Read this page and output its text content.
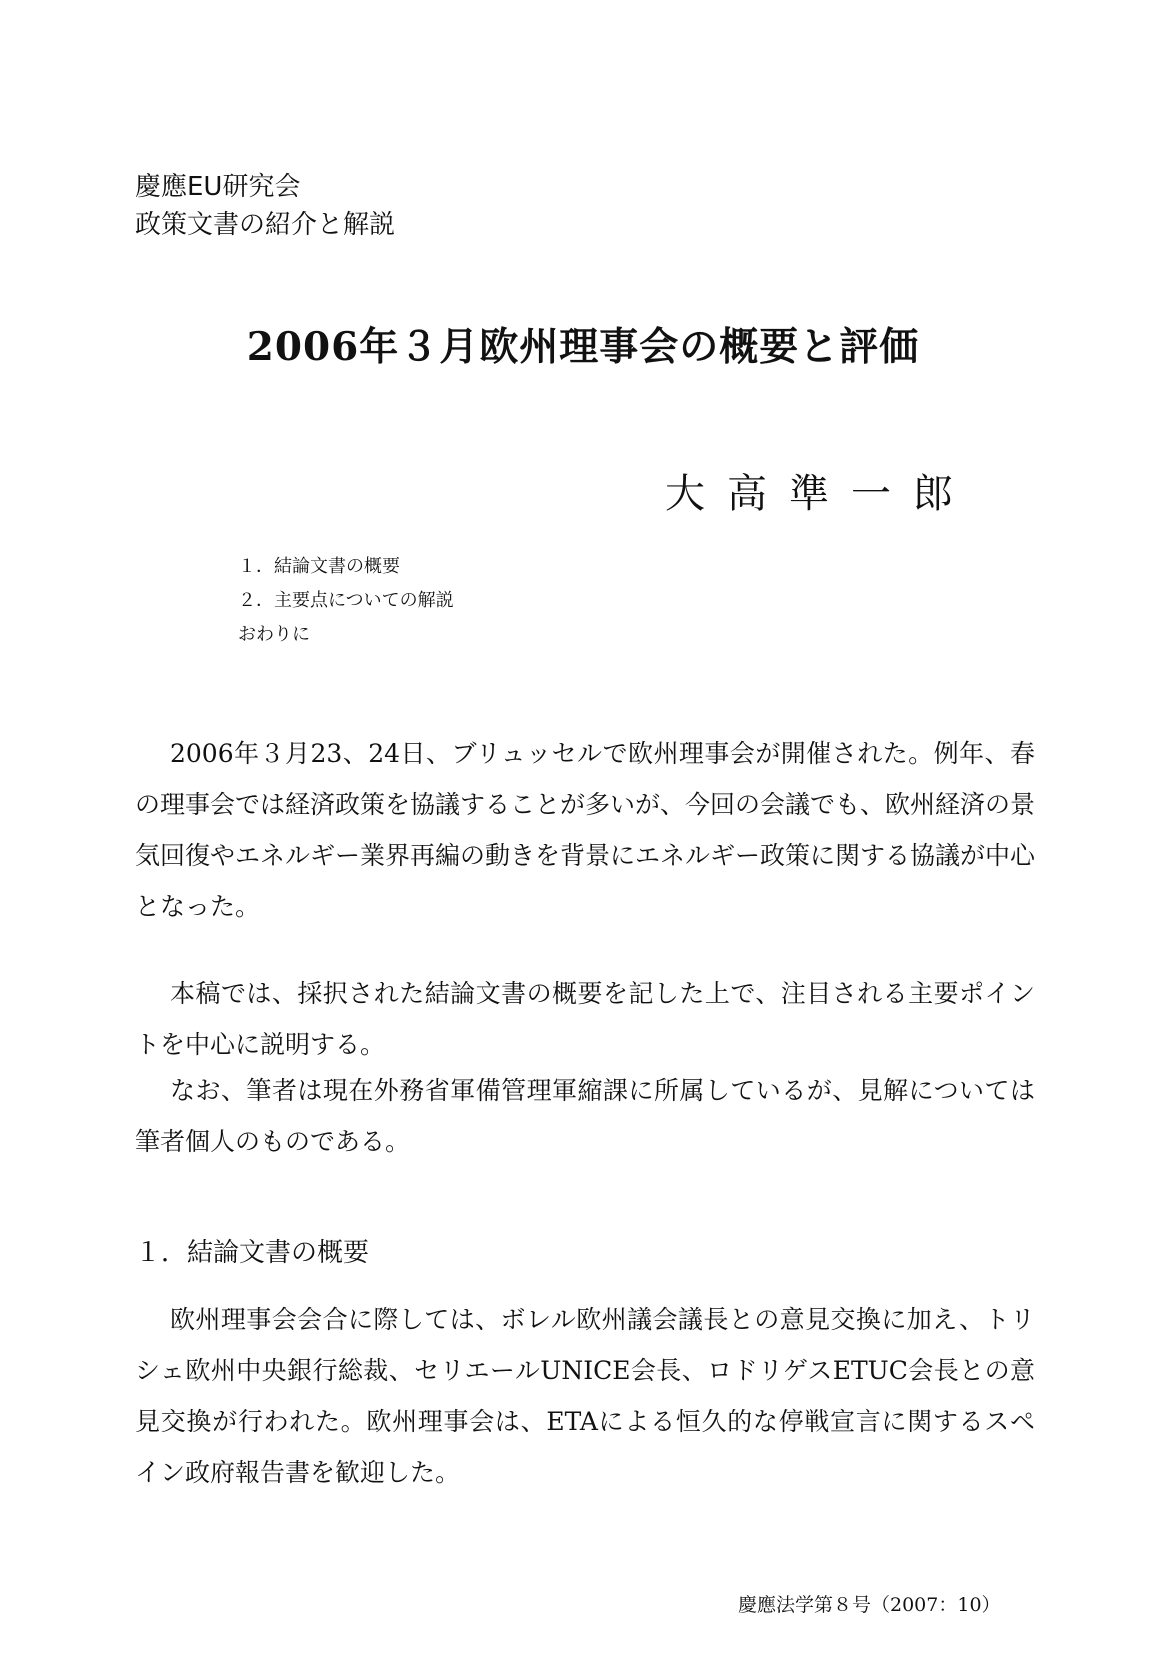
慶應EU研究会
政策文書の紹介と解説
2006年３月欧州理事会の概要と評価
大高準一郎
１．結論文書の概要
２．主要点についての解説
おわりに

2006年３月23、24日、ブリュッセルで欧州理事会が開催された。例年、春の理事会では経済政策を協議することが多いが、今回の会議でも、欧州経済の景気回復やエネルギー業界再編の動きを背景にエネルギー政策に関する協議が中心となった。

本稿では、採択された結論文書の概要を記した上で、注目される主要ポイントを中心に説明する。

なお、筆者は現在外務省軍備管理軍縮課に所属しているが、見解については筆者個人のものである。

１．結論文書の概要

欧州理事会会合に際しては、ボレル欧州議会議長との意見交換に加え、トリシェ欧州中央銀行総裁、セリエールUNICE会長、ロドリゲスETUC会長との意見交換が行われた。欧州理事会は、ETAによる恒久的な停戦宣言に関するスペイン政府報告書を歓迎した。

慶應法学第８号（2007：10）
